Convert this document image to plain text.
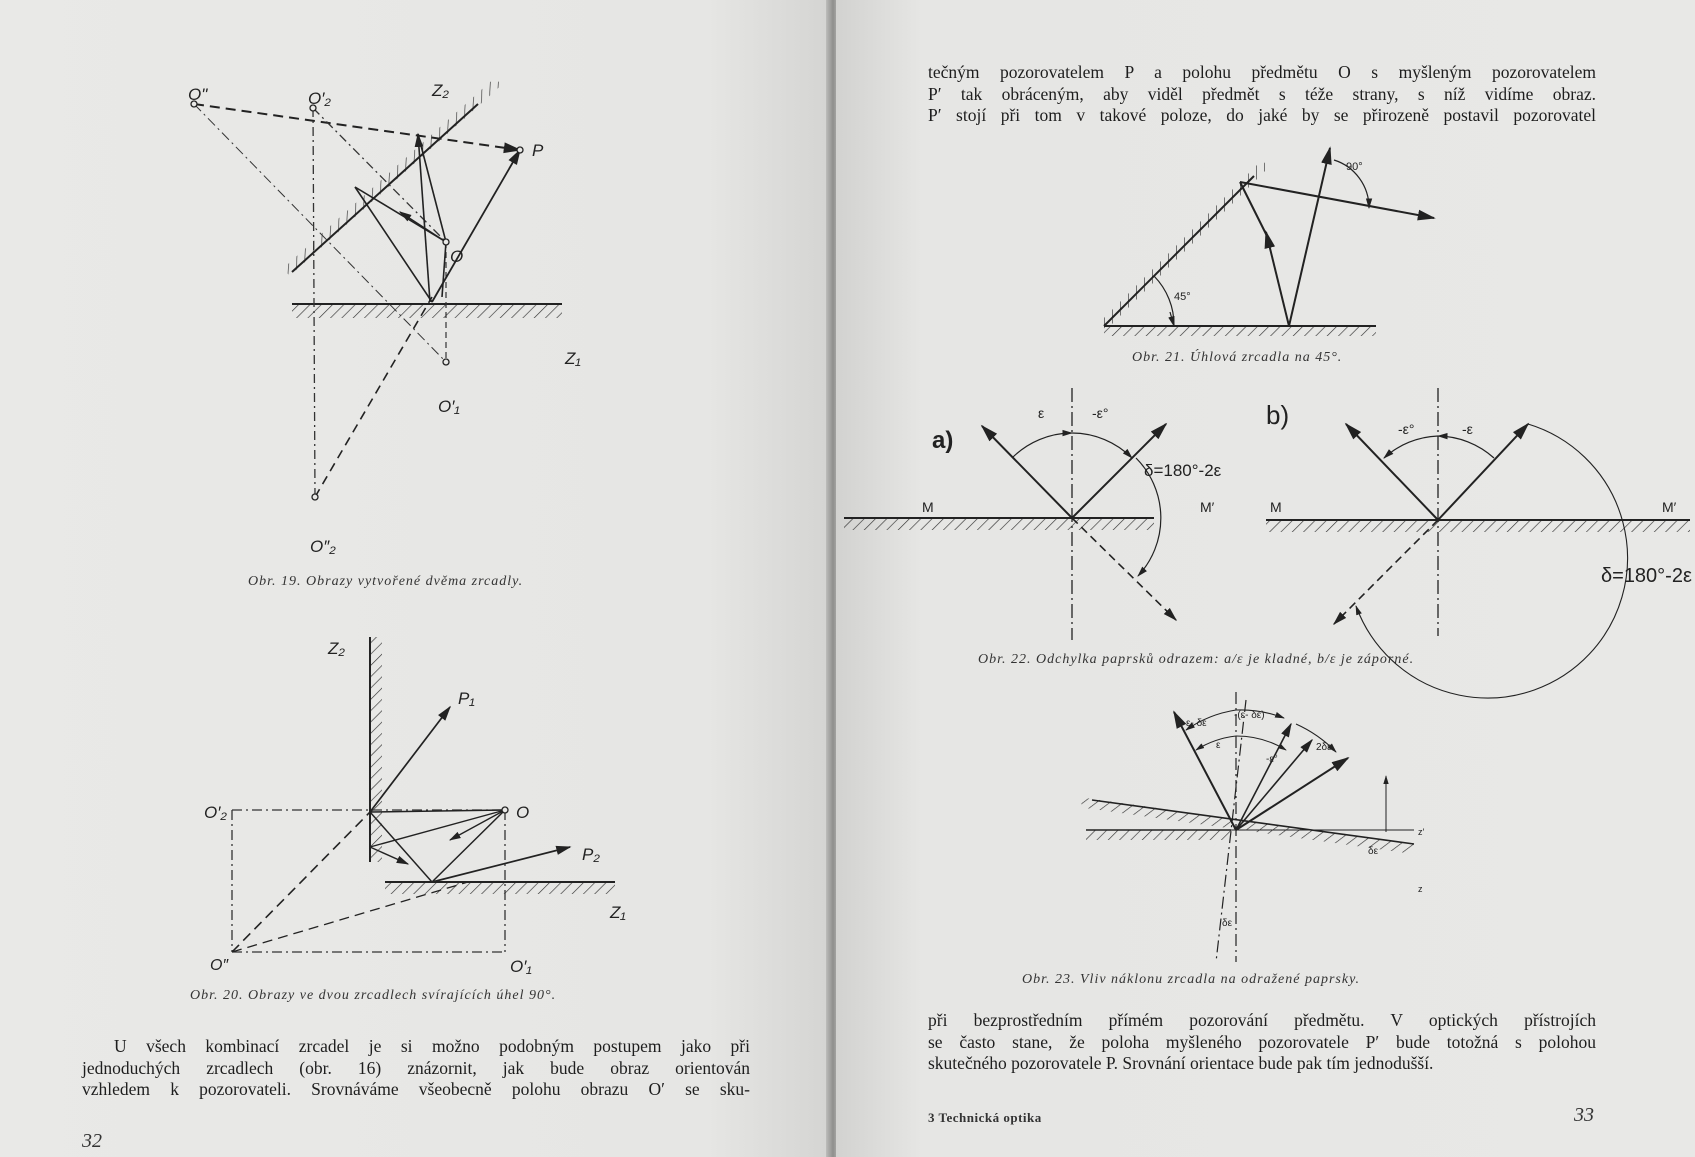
O"	O′₂	Z₂
P
O
Z₁
O′₁
O″₂
Obr. 19. Obrazy vytvořené dvěma zrcadly.
Z₂
P₁
O′₂	O
P₂
Z₁
O″	O′₁
Obr. 20. Obrazy ve dvou zrcadlech svírajících úhel 90°.
U všech kombinací zrcadel je si možno podobným postupem jako při
jednoduchých zrcadlech (obr. 16) znázornit, jak bude obraz orientován
vzhledem k pozorovateli. Srovnáváme všeobecně polohu obrazu O′ se sku-
32
tečným pozorovatelem P a polohu předmětu O s myšleným pozorovatelem
P′ tak obráceným, aby viděl předmět s téže strany, s níž vidíme obraz.
P′ stojí při tom v takové poloze, do jaké by se přirozeně postavil pozorovatel
90°
45°
Obr. 21. Úhlová zrcadla na 45°.
a)
ε	-ε°
δ=180°-2ε
M	M′
b)	-ε°	-ε
M	M′
δ=180°-2ε
Obr. 22. Odchylka paprsků odrazem: a/ε je kladné, b/ε je záporné.
ε- δε
-(ε- δε)
ε
-ε°
2δε
δε
z′
z
δε
Obr. 23. Vliv náklonu zrcadla na odražené paprsky.
při bezprostředním přímém pozorování předmětu. V optických přístrojích
se často stane, že poloha myšleného pozorovatele P′ bude totožná s polohou
skutečného pozorovatele P. Srovnání orientace bude pak tím jednodušší.
3 Technická optika	33
